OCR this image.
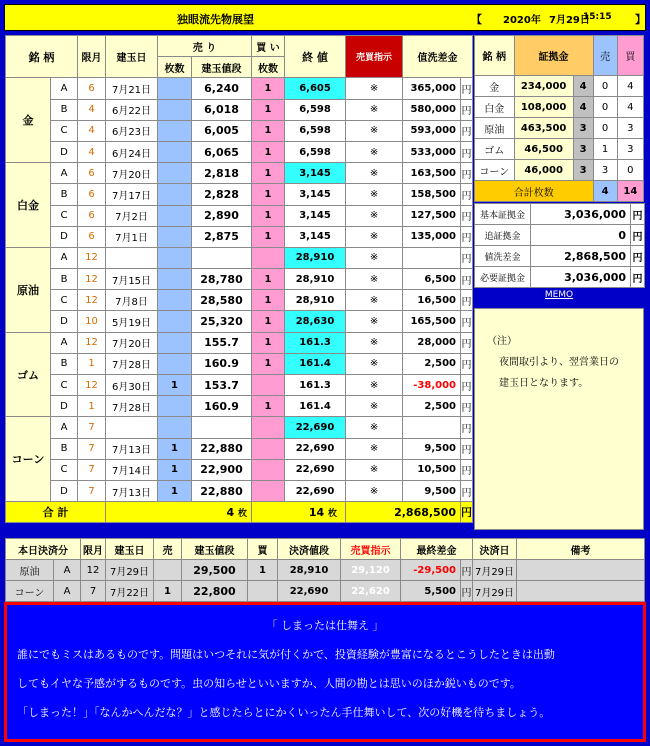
独眼流先物展望	【 2020年 7月29日
15:15 】
銘 柄		限月	建玉日	売 り		買 い	終 値	売買指示	值洗差金	
				枚数	建玉値段	枚数				
金	A	6	7月21日		6,240	1	6,605	※	365,000	円
	B	4	6月22日		6,018	1	6,598	※	580,000	円
	C	4	6月23日		6,005	1	6,598	※	593,000	円
	D	4	6月24日		6,065	1	6,598	※	533,000	円
白金	A	6	7月20日		2,818	1	3,145	※	163,500	円
	B	6	7月17日		2,828	1	3,145	※	158,500	円
	C	6	7月2日		2,890	1	3,145	※	127,500	円
	D	6	7月1日		2,875	1	3,145	※	135,000	円
原油	A	12					28,910	※		円
	B	12	7月15日		28,780	1	28,910	※	6,500	円
	C	12	7月8日		28,580	1	28,910	※	16,500	円
	D	10	5月19日		25,320	1	28,630	※	165,500	円
ゴム	A	12	7月20日		155.7	1	161.3	※	28,000	円
	B	1	7月28日		160.9	1	161.4	※	2,500	円
	C	12	6月30日	1	153.7		161.3	※	-38,000	円
	D	1	7月28日		160.9	1	161.4	※	2,500	円
コーン	A	7					22,690	※		円
	B	7	7月13日	1	22,880		22,690	※	9,500	円
	C	7	7月14日	1	22,900		22,690	※	10,500	円
	D	7	7月13日	1	22,880		22,690	※	9,500	円
合 計			4 枚			14 枚		2,868,500		円
銘 柄	証拠金		売	買
金	234,000	4	0	4
白金	108,000	4	0	4
原油	463,500	3	0	3
ゴム	46,500	3	1	3
コーン	46,000	3	3	0
合計枚数			4	14
基本証拠金	3,036,000	円
追証拠金	0	円
値洗差金	2,868,500	円
必要証拠金	3,036,000	円
MEMO
（注）
夜間取引より、翌営業日の
建玉日となります。
本日決済分		限月	建玉日	売	建玉値段	買	決済値段	売買指示	最終差金		決済日	備考
原油	A	12	7月29日		29,500	1	28,910	29,120	-29,500	円	7月29日	
コーン	A	7	7月22日	1	22,800		22,690	22,620	5,500	円	7月29日	
「 しまったは仕舞え 」

誰にでもミスはあるものです。問題はいつそれに気が付くかで、投資経験が豊富になるとこうしたときは出動

してもイヤな予感がするものです。虫の知らせといいますか、人間の勘とは思いのほか鋭いものです。

「しまった！」「なんかへんだな？」と感じたらとにかくいったん手仕舞いして、次の好機を待ちましょう。
